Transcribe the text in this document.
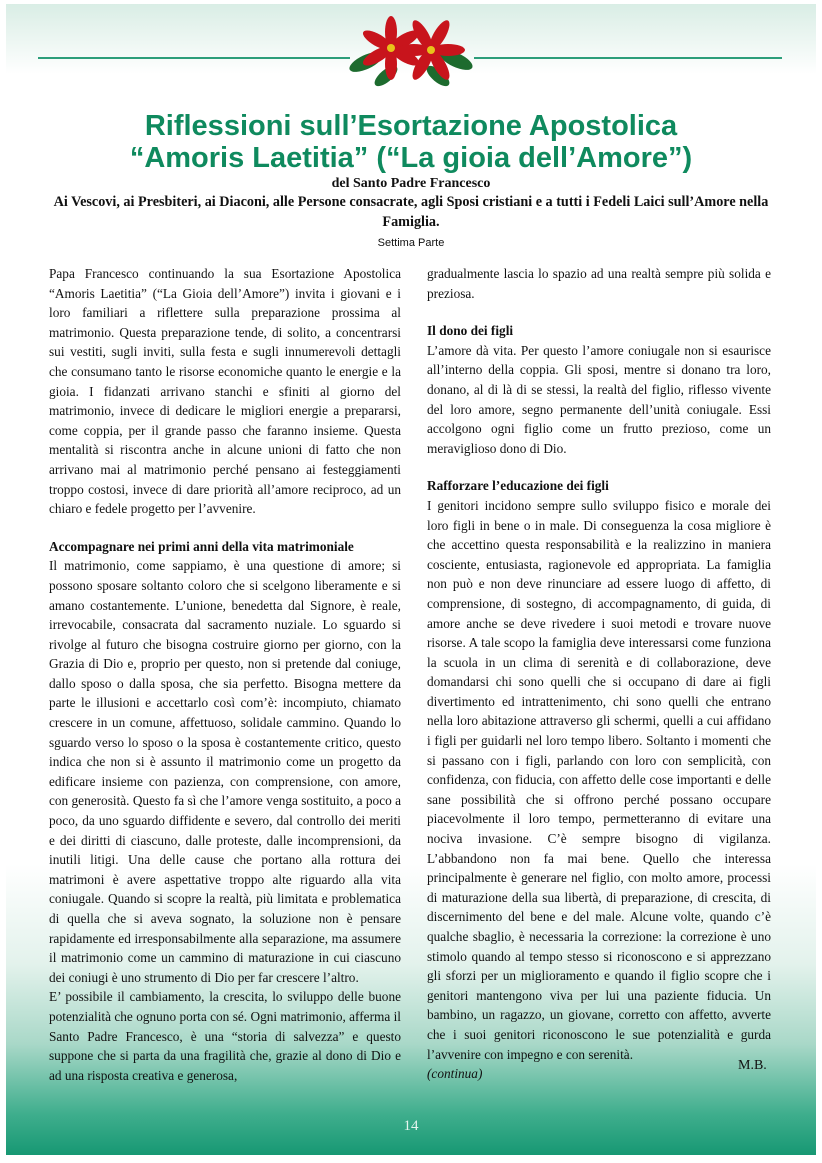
Riflessioni sull’Esortazione Apostolica
“Amoris Laetitia” (“La gioia dell’Amore”)
del Santo Padre Francesco
Ai Vescovi, ai Presbiteri, ai Diaconi, alle Persone consacrate, agli Sposi cristiani e a tutti i Fedeli Laici sull’Amore nella Famiglia.
Settima Parte

Papa Francesco continuando la sua Esortazione Apostolica “Amoris Laetitia” (“La Gioia dell’Amore”) invita i giovani e i loro familiari a riflettere sulla preparazione prossima al matrimonio. Questa preparazione tende, di solito, a concentrarsi sui vestiti, sugli inviti, sulla festa e sugli innumerevoli dettagli che consumano tanto le risorse economiche quanto le energie e la gioia. I fidanzati arrivano stanchi e sfiniti al giorno del matrimonio, invece di dedicare le migliori energie a prepararsi, come coppia, per il grande passo che faranno insieme. Questa mentalità si riscontra anche in alcune unioni di fatto che non arrivano mai al matrimonio perché pensano ai festeggiamenti troppo costosi, invece di dare priorità all’amore reciproco, ad un chiaro e fedele progetto per l’avvenire.

Accompagnare nei primi anni della vita matrimoniale

Il matrimonio, come sappiamo, è una questione di amore; si possono sposare soltanto coloro che si scelgono liberamente e si amano costantemente. L’unione, benedetta dal Signore, è reale, irrevocabile, consacrata dal sacramento nuziale. Lo sguardo si rivolge al futuro che bisogna costruire giorno per giorno, con la Grazia di Dio e, proprio per questo, non si pretende dal coniuge, dallo sposo o dalla sposa, che sia perfetto. Bisogna mettere da parte le illusioni e accettarlo così com’è: incompiuto, chiamato crescere in un comune, affettuoso, solidale cammino. Quando lo sguardo verso lo sposo o la sposa è costantemente critico, questo indica che non si è assunto il matrimonio come un progetto da edificare insieme con pazienza, con comprensione, con amore, con generosità. Questo fa sì che l’amore venga sostituito, a poco a poco, da uno sguardo diffidente e severo, dal controllo dei meriti e dei diritti di ciascuno, dalle proteste, dalle incomprensioni, da inutili litigi. Una delle cause che portano alla rottura dei matrimoni è avere aspettative troppo alte riguardo alla vita coniugale. Quando si scopre la realtà, più limitata e problematica di quella che si aveva sognato, la soluzione non è pensare rapidamente ed irresponsabilmente alla separazione, ma assumere il matrimonio come un cammino di maturazione in cui ciascuno dei coniugi è uno strumento di Dio per far crescere l’altro.

E’ possibile il cambiamento, la crescita, lo sviluppo delle buone potenzialità che ognuno porta con sé. Ogni matrimonio, afferma il Santo Padre Francesco, è una “storia di salvezza” e questo suppone che si parta da una fragilità che, grazie al dono di Dio e ad una risposta creativa e generosa,

gradualmente lascia lo spazio ad una realtà sempre più solida e preziosa.

Il dono dei figli

L’amore dà vita. Per questo l’amore coniugale non si esaurisce all’interno della coppia. Gli sposi, mentre si donano tra loro, donano, al di là di se stessi, la realtà del figlio, riflesso vivente del loro amore, segno permanente dell’unità coniugale. Essi accolgono ogni figlio come un frutto prezioso, come un meraviglioso dono di Dio.

Rafforzare l’educazione dei figli

I genitori incidono sempre sullo sviluppo fisico e morale dei loro figli in bene o in male. Di conseguenza la cosa migliore è che accettino questa responsabilità e la realizzino in maniera cosciente, entusiasta, ragionevole ed appropriata. La famiglia non può e non deve rinunciare ad essere luogo di affetto, di comprensione, di sostegno, di accompagnamento, di guida, di amore anche se deve rivedere i suoi metodi e trovare nuove risorse. A tale scopo la famiglia deve interessarsi come funziona la scuola in un clima di serenità e di collaborazione, deve domandarsi chi sono quelli che si occupano di dare ai figli divertimento ed intrattenimento, chi sono quelli che entrano nella loro abitazione attraverso gli schermi, quelli a cui affidano i figli per guidarli nel loro tempo libero. Soltanto i momenti che si passano con i figli, parlando con loro con semplicità, con confidenza, con fiducia, con affetto delle cose importanti e delle sane possibilità che si offrono perché possano occupare piacevolmente il loro tempo, permetteranno di evitare una nociva invasione. C’è sempre bisogno di vigilanza. L’abbandono non fa mai bene. Quello che interessa principalmente è generare nel figlio, con molto amore, processi di maturazione della sua libertà, di preparazione, di crescita, di discernimento del bene e del male. Alcune volte, quando c’è qualche sbaglio, è necessaria la correzione: la correzione è uno stimolo quando al tempo stesso si riconoscono e si apprezzano gli sforzi per un miglioramento e quando il figlio scopre che i genitori mantengono viva per lui una paziente fiducia. Un bambino, un ragazzo, un giovane, corretto con affetto, avverte che i suoi genitori riconoscono le sue potenzialità e gurda l’avvenire con impegno e con serenità.

(continua)

M.B.
14
